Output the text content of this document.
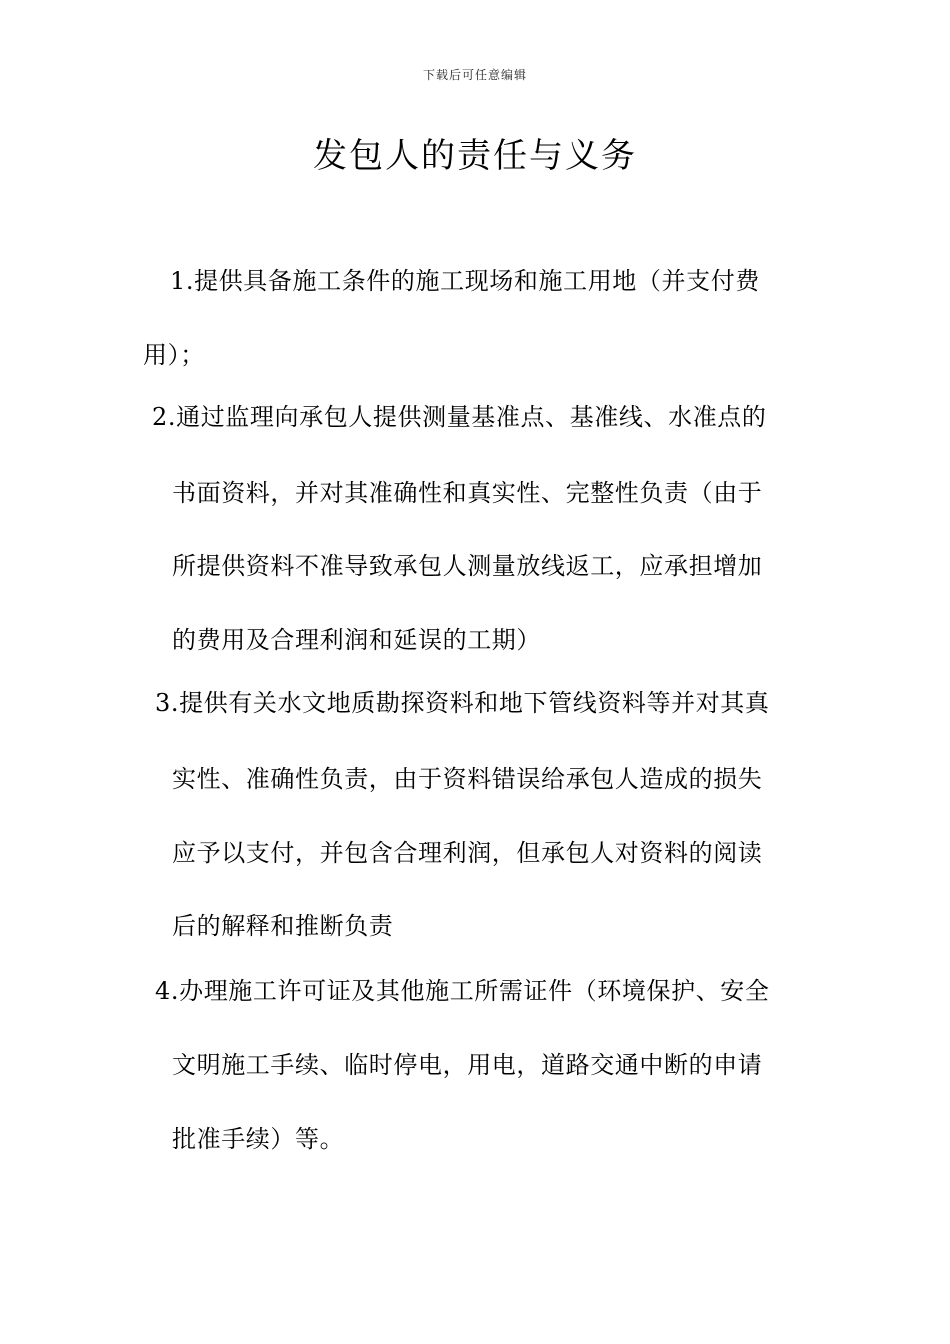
下载后可任意编辑
发包人的责任与义务
1.提供具备施工条件的施工现场和施工用地（并支付费
用）；
2.通过监理向承包人提供测量基准点、基准线、水准点的
书面资料，并对其准确性和真实性、完整性负责（由于
所提供资料不准导致承包人测量放线返工，应承担增加
的费用及合理利润和延误的工期）
3.提供有关水文地质勘探资料和地下管线资料等并对其真
实性、准确性负责，由于资料错误给承包人造成的损失
应予以支付，并包含合理利润，但承包人对资料的阅读
后的解释和推断负责
4.办理施工许可证及其他施工所需证件（环境保护、安全
文明施工手续、临时停电，用电，道路交通中断的申请
批准手续）等。
